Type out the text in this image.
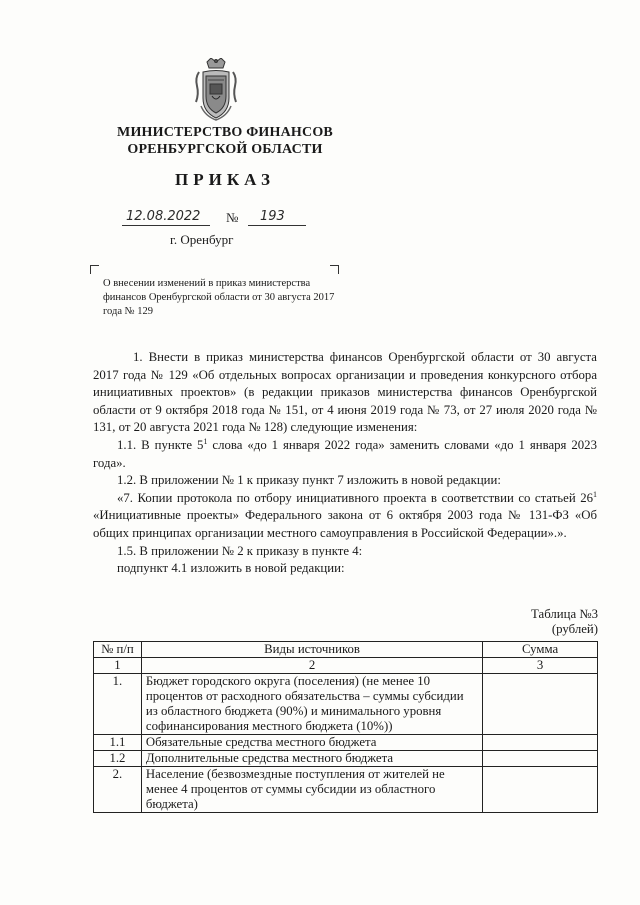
МИНИСТЕРСТВО ФИНАНСОВ
ОРЕНБУРГСКОЙ ОБЛАСТИ
ПРИКАЗ
12.08.2022 № 193
г. Оренбург
О внесении изменений в приказ министерства финансов Оренбургской области от 30 августа 2017 года № 129

1. Внести в приказ министерства финансов Оренбургской области от 30 августа 2017 года № 129 «Об отдельных вопросах организации и проведения конкурсного отбора инициативных проектов» (в редакции приказов министерства финансов Оренбургской области от 9 октября 2018 года № 151, от 4 июня 2019 года № 73, от 27 июля 2020 года № 131, от 20 августа 2021 года № 128) следующие изменения:

1.1. В пункте $5^1$ слова «до 1 января 2022 года» заменить словами «до 1 января 2023 года».

1.2. В приложении № 1 к приказу пункт 7 изложить в новой редакции:

«7. Копии протокола по отбору инициативного проекта в соответствии со статьей $26^1$ «Инициативные проекты» Федерального закона от 6 октября 2003 года № 131-ФЗ «Об общих принципах организации местного самоуправления в Российской Федерации».».

1.5. В приложении № 2 к приказу в пункте 4:

подпункт 4.1 изложить в новой редакции:

Таблица №3
(рублей)
№ п/п	Виды источников	Сумма
1	2	3
1.	Бюджет городского округа (поселения) (не менее 10 процентов от расходного обязательства – суммы субсидии из областного бюджета (90%) и минимального уровня софинансирования местного бюджета (10%))	
1.1	Обязательные средства местного бюджета	
1.2	Дополнительные средства местного бюджета	
2.	Население (безвозмездные поступления от жителей не менее 4 процентов от суммы субсидии из областного бюджета)	
